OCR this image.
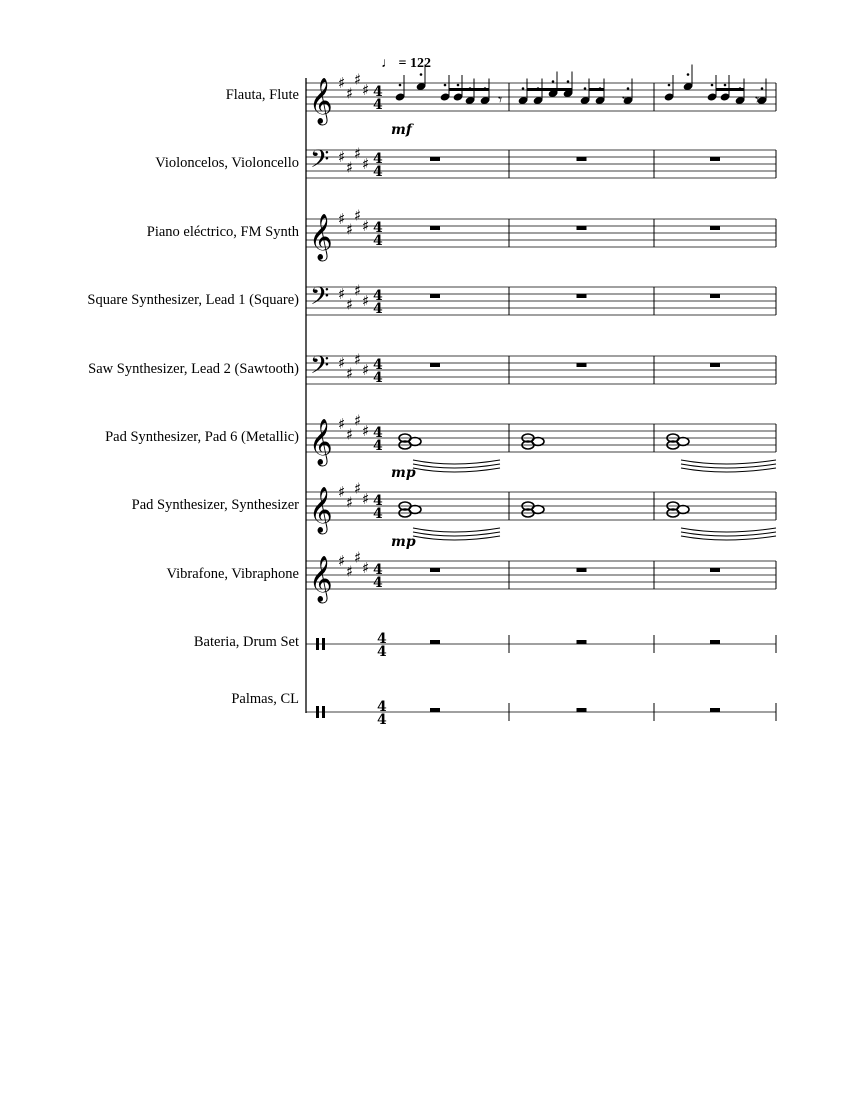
𝄞 ♯
♯
♯
♯ 4
4	𝄾	𝄾	𝄾
𝄢 ♯
♯
♯
♯ 4
4
𝄞 ♯
♯
♯
♯ 4
4
𝄢 ♯
♯
♯
♯ 4
4
𝄢 ♯
♯
♯
♯ 4
4
𝄞 ♯
♯
♯
♯ 4
4
𝄞 ♯
♯
♯
♯ 4
4
𝄞 ♯
♯
♯
♯ 4
4
4
4
4
4
♩ = 122
Flauta, Flute
Violoncelos, Violoncello
Piano eléctrico, FM Synth
Square Synthesizer, Lead 1 (Square)
Saw Synthesizer, Lead 2 (Sawtooth)
Pad Synthesizer, Pad 6 (Metallic)
Pad Synthesizer, Synthesizer
Vibrafone, Vibraphone
Bateria, Drum Set
Palmas, CL
mf
mp
mp
